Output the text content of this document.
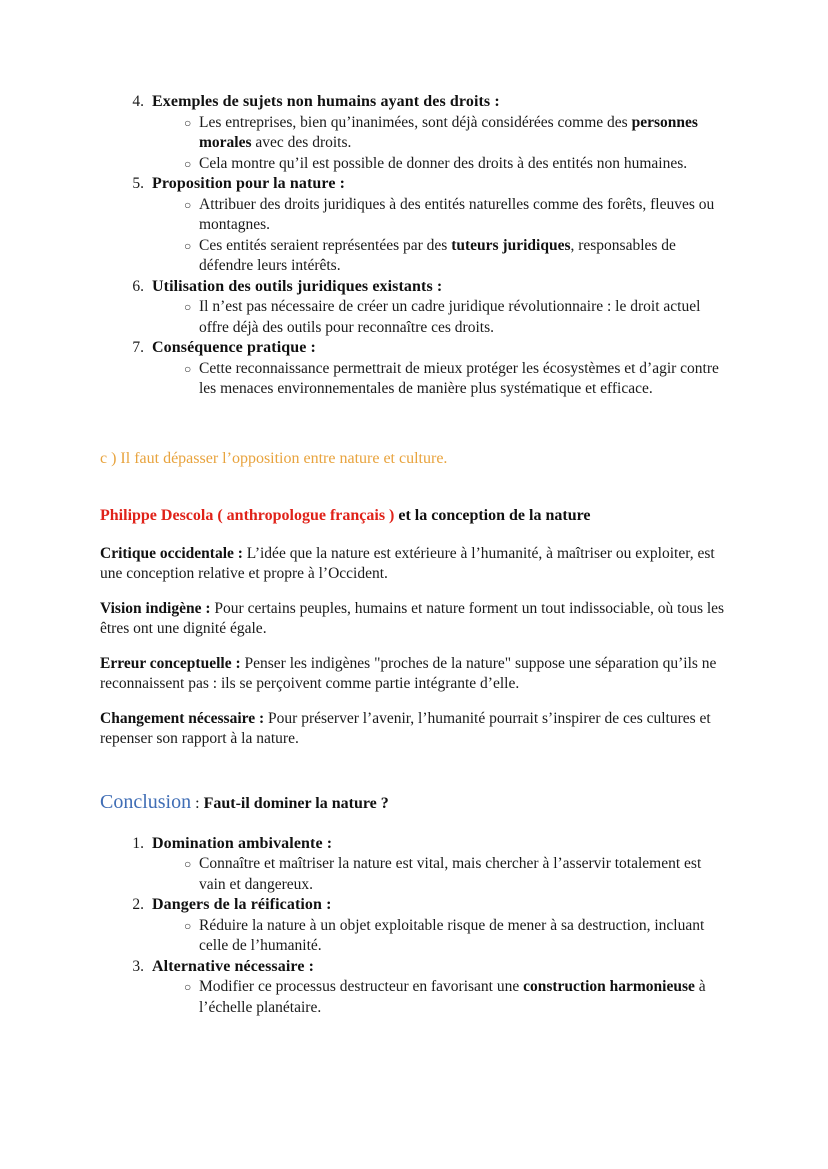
4. Exemples de sujets non humains ayant des droits :
○ Les entreprises, bien qu’inanimées, sont déjà considérées comme des personnes morales avec des droits.
○ Cela montre qu’il est possible de donner des droits à des entités non humaines.
5. Proposition pour la nature :
○ Attribuer des droits juridiques à des entités naturelles comme des forêts, fleuves ou montagnes.
○ Ces entités seraient représentées par des tuteurs juridiques, responsables de défendre leurs intérêts.
6. Utilisation des outils juridiques existants :
○ Il n’est pas nécessaire de créer un cadre juridique révolutionnaire : le droit actuel offre déjà des outils pour reconnaître ces droits.
7. Conséquence pratique :
○ Cette reconnaissance permettrait de mieux protéger les écosystèmes et d’agir contre les menaces environnementales de manière plus systématique et efficace.

c ) Il faut dépasser l’opposition entre nature et culture.

Philippe Descola ( anthropologue français ) et la conception de la nature

Critique occidentale : L’idée que la nature est extérieure à l’humanité, à maîtriser ou exploiter, est une conception relative et propre à l’Occident.

Vision indigène : Pour certains peuples, humains et nature forment un tout indissociable, où tous les êtres ont une dignité égale.

Erreur conceptuelle : Penser les indigènes "proches de la nature" suppose une séparation qu’ils ne reconnaissent pas : ils se perçoivent comme partie intégrante d’elle.

Changement nécessaire : Pour préserver l’avenir, l’humanité pourrait s’inspirer de ces cultures et repenser son rapport à la nature.

Conclusion : Faut-il dominer la nature ?

1. Domination ambivalente :
○ Connaître et maîtriser la nature est vital, mais chercher à l’asservir totalement est vain et dangereux.
2. Dangers de la réification :
○ Réduire la nature à un objet exploitable risque de mener à sa destruction, incluant celle de l’humanité.
3. Alternative nécessaire :
○ Modifier ce processus destructeur en favorisant une construction harmonieuse à l’échelle planétaire.
